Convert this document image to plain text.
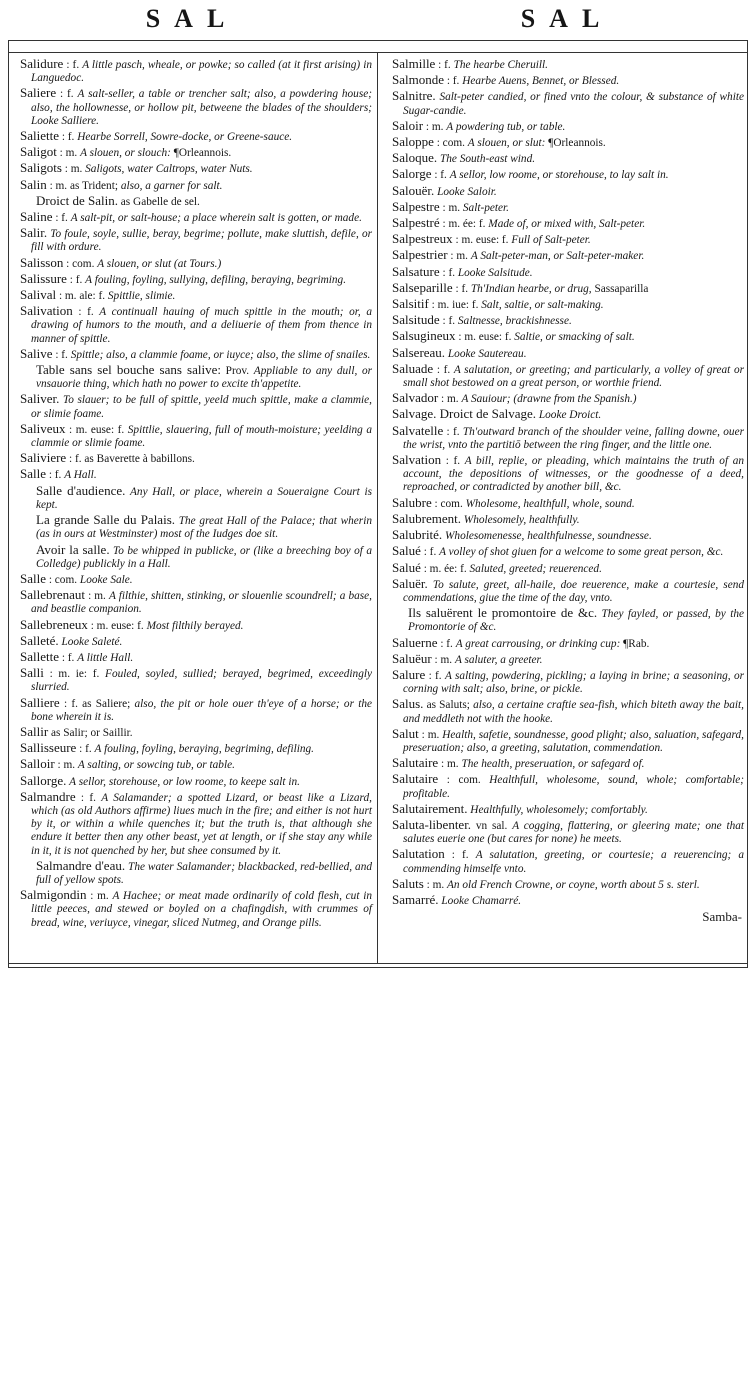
SAL	SAL
Salidure : f. A little pasch, wheale, or powke; so called (at it first arising) in Languedoc.
Saliere : f. A salt-seller, a table or trencher salt; also, a powdering house; also, the hollownesse, or hollow pit, betweene the blades of the shoulders; Looke Salliere.
Saliette : f. Hearbe Sorrell, Sowre-docke, or Greene-sauce.
Saligot : m. A slouen, or slouch: ¶Orleannois.
Saligots : m. Saligots, water Caltrops, water Nuts.
Salin : m. as Trident; also, a garner for salt.
Droict de Salin. as Gabelle de sel.
Saline : f. A salt-pit, or salt-house; a place wherein salt is gotten, or made.
Salir. To foule, soyle, sullie, beray, begrime; pollute, make sluttish, defile, or fill with ordure.
Salisson : com. A slouen, or slut (at Tours.)
Salissure : f. A fouling, foyling, sullying, defiling, beraying, begriming.
Salival : m. ale: f. Spittlie, slimie.
Salivation : f. A continuall hauing of much spittle in the mouth; or, a drawing of humors to the mouth, and a deliuerie of them from thence in manner of spittle.
Salive : f. Spittle; also, a clammie foame, or iuyce; also, the slime of snailes.
Table sans sel bouche sans salive: Prov. Appliable to any dull, or vnsauorie thing, which hath no power to excite th'appetite.
Saliver. To slauer; to be full of spittle, yeeld much spittle, make a clammie, or slimie foame.
Saliveux : m. euse: f. Spittlie, slauering, full of mouth-moisture; yeelding a clammie or slimie foame.
Saliviere : f. as Baverette à babillons.
Salle : f. A Hall.
Salle d'audience. Any Hall, or place, wherein a Soueraigne Court is kept.
La grande Salle du Palais. The great Hall of the Palace; that wherin (as in ours at Westminster) most of the Iudges doe sit.
Avoir la salle. To be whipped in publicke, or (like a breeching boy of a Colledge) publickly in a Hall.
Salle : com. Looke Sale.
Sallebrenaut : m. A filthie, shitten, stinking, or slouenlie scoundrell; a base, and beastlie companion.
Sallebreneux : m. euse: f. Most filthily berayed.
Salleté. Looke Saleté.
Sallette : f. A little Hall.
Salli : m. ie: f. Fouled, soyled, sullied; berayed, begrimed, exceedingly slurried.
Salliere : f. as Saliere; also, the pit or hole ouer th'eye of a horse; or the bone wherein it is.
Sallir as Salir; or Saillir.
Sallisseure : f. A fouling, foyling, beraying, begriming, defiling.
Salloir : m. A salting, or sowcing tub, or table.
Sallorge. A sellor, storehouse, or low roome, to keepe salt in.
Salmandre : f. A Salamander; a spotted Lizard, or beast like a Lizard, which (as old Authors affirme) liues much in the fire; and either is not hurt by it, or within a while quenches it; but the truth is, that although she endure it better then any other beast, yet at length, or if she stay any while in it, it is not quenched by her, but shee consumed by it.
Salmandre d'eau. The water Salamander; blackbacked, red-bellied, and full of yellow spots.
Salmigondin : m. A Hachee; or meat made ordinarily of cold flesh, cut in little peeces, and stewed or boyled on a chafingdish, with crummes of bread, wine, veriuyce, vinegar, sliced Nutmeg, and Orange pills.
Salmille : f. The hearbe Cheruill.
Salmonde : f. Hearbe Auens, Bennet, or Blessed.
Salnitre. Salt-peter candied, or fined vnto the colour, & substance of white Sugar-candie.
Saloir : m. A powdering tub, or table.
Saloppe : com. A slouen, or slut: ¶Orleannois.
Saloque. The South-east wind.
Salorge : f. A sellor, low roome, or storehouse, to lay salt in.
Salouër. Looke Saloir.
Salpestre : m. Salt-peter.
Salpestré : m. ée: f. Made of, or mixed with, Salt-peter.
Salpestreux : m. euse: f. Full of Salt-peter.
Salpestrier : m. A Salt-peter-man, or Salt-peter-maker.
Salsature : f. Looke Salsitude.
Salseparille : f. Th'Indian hearbe, or drug, Sassaparilla
Salsitif : m. iue: f. Salt, saltie, or salt-making.
Salsitude : f. Saltnesse, brackishnesse.
Salsugineux : m. euse: f. Saltie, or smacking of salt.
Salsereau. Looke Sautereau.
Saluade : f. A salutation, or greeting; and particularly, a volley of great or small shot bestowed on a great person, or worthie friend.
Salvador : m. A Sauiour; (drawne from the Spanish.)
Salvage. Droict de Salvage. Looke Droict.
Salvatelle : f. Th'outward branch of the shoulder veine, falling downe, ouer the wrist, vnto the partitiō between the ring finger, and the little one.
Salvation : f. A bill, replie, or pleading, which maintains the truth of an account, the depositions of witnesses, or the goodnesse of a deed, reproached, or contradicted by another bill, &c.
Salubre : com. Wholesome, healthfull, whole, sound.
Salubrement. Wholesomely, healthfully.
Salubrité. Wholesomenesse, healthfulnesse, soundnesse.
Salué : f. A volley of shot giuen for a welcome to some great person, &c.
Salué : m. ée: f. Saluted, greeted; reuerenced.
Saluër. To salute, greet, all-haile, doe reuerence, make a courtesie, send commendations, giue the time of the day, vnto.
Ils saluërent le promontoire de &c. They fayled, or passed, by the Promontorie of &c.
Saluerne : f. A great carrousing, or drinking cup: ¶Rab.
Saluëur : m. A saluter, a greeter.
Salure : f. A salting, powdering, pickling; a laying in brine; a seasoning, or corning with salt; also, brine, or pickle.
Salus. as Saluts; also, a certaine craftie sea-fish, which biteth away the bait, and meddleth not with the hooke.
Salut : m. Health, safetie, soundnesse, good plight; also, saluation, safegard, preseruation; also, a greeting, salutation, commendation.
Salutaire : m. The health, preseruation, or safegard of.
Salutaire : com. Healthfull, wholesome, sound, whole; comfortable; profitable.
Salutairement. Healthfully, wholesomely; comfortably.
Saluta-libenter. vn sal. A cogging, flattering, or gleering mate; one that salutes euerie one (but cares for none) he meets.
Salutation : f. A salutation, greeting, or courtesie; a reuerencing; a commending himselfe vnto.
Saluts : m. An old French Crowne, or coyne, worth about 5 s. sterl.
Samarré. Looke Chamarré.
Samba-
